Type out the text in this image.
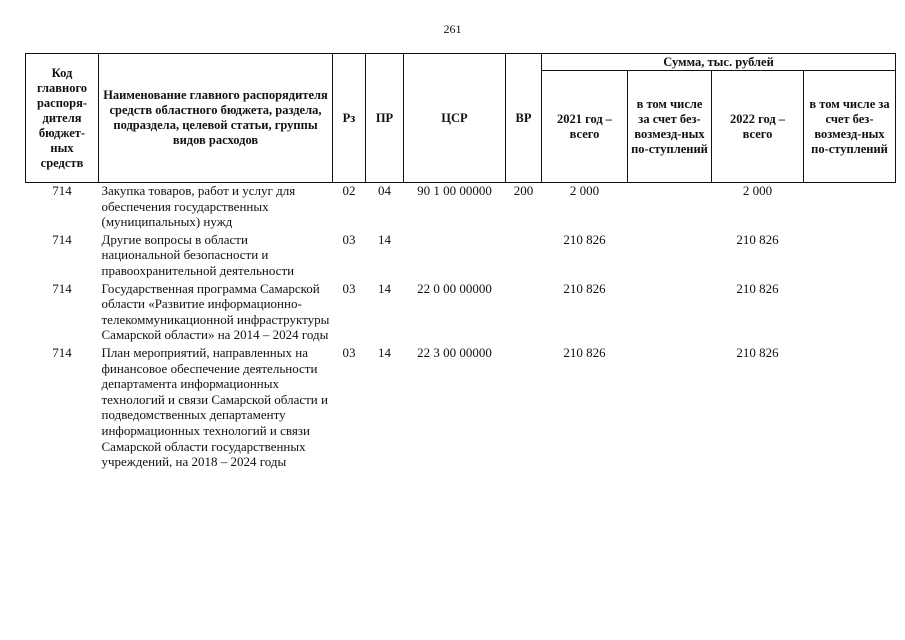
261
Код главного распоря-дителя бюджет-ных средств	Наименование главного распорядителя средств областного бюджета, раздела, подраздела, целевой статьи, группы видов расходов	Рз	ПР	ЦСР	ВР	Сумма, тыс. рублей			
						2021 год – всего	в том числе за счет без-возмезд-ных по-ступлений	2022 год – всего	в том числе за счет без-возмезд-ных по-ступлений
714	Закупка товаров, работ и услуг для обеспечения государственных (муниципальных) нужд	02	04	90 1 00 00000	200	2 000		2 000	
714	Другие вопросы в области национальной безопасности и правоохранительной деятельности	03	14			210 826		210 826	
714	Государственная программа Самарской области «Развитие информационно-телекоммуникационной инфраструктуры Самарской области» на 2014 – 2024 годы	03	14	22 0 00 00000		210 826		210 826	
714	План мероприятий, направленных на финансовое обеспечение деятельности департамента информационных технологий и связи Самарской области и подведомственных департаменту информационных технологий и связи Самарской области государственных учреждений, на 2018 – 2024 годы	03	14	22 3 00 00000		210 826		210 826	
